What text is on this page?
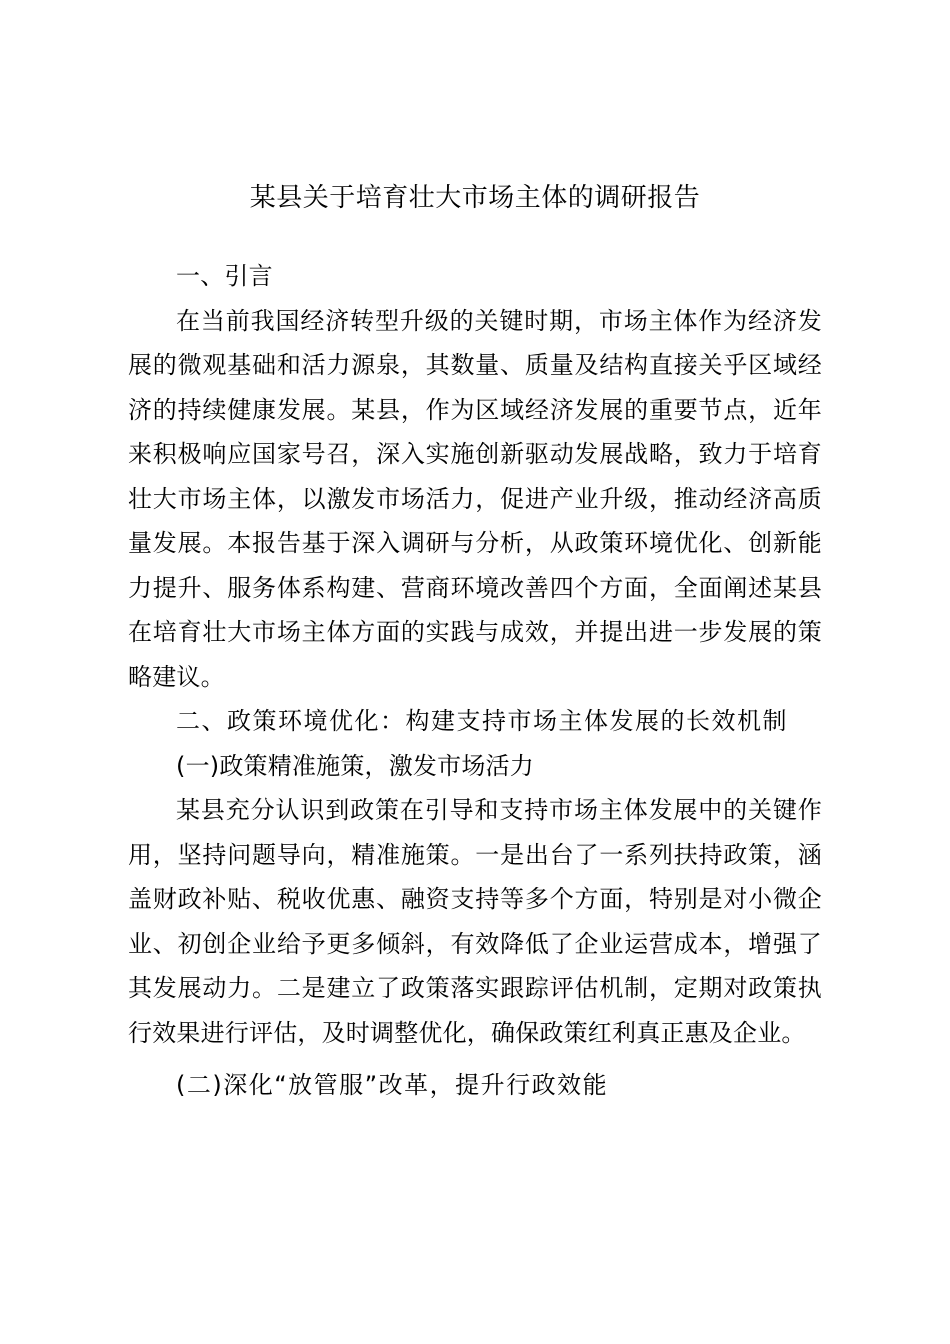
某县关于培育壮大市场主体的调研报告

一、引言

在当前我国经济转型升级的关键时期，市场主体作为经济发展的微观基础和活力源泉，其数量、质量及结构直接关乎区域经济的持续健康发展。某县，作为区域经济发展的重要节点，近年来积极响应国家号召，深入实施创新驱动发展战略，致力于培育壮大市场主体，以激发市场活力，促进产业升级，推动经济高质量发展。本报告基于深入调研与分析，从政策环境优化、创新能力提升、服务体系构建、营商环境改善四个方面，全面阐述某县在培育壮大市场主体方面的实践与成效，并提出进一步发展的策略建议。

二、政策环境优化：构建支持市场主体发展的长效机制

(一)政策精准施策，激发市场活力

某县充分认识到政策在引导和支持市场主体发展中的关键作用，坚持问题导向，精准施策。一是出台了一系列扶持政策，涵盖财政补贴、税收优惠、融资支持等多个方面，特别是对小微企业、初创企业给予更多倾斜，有效降低了企业运营成本，增强了其发展动力。二是建立了政策落实跟踪评估机制，定期对政策执行效果进行评估，及时调整优化，确保政策红利真正惠及企业。

(二)深化“放管服”改革，提升行政效能
